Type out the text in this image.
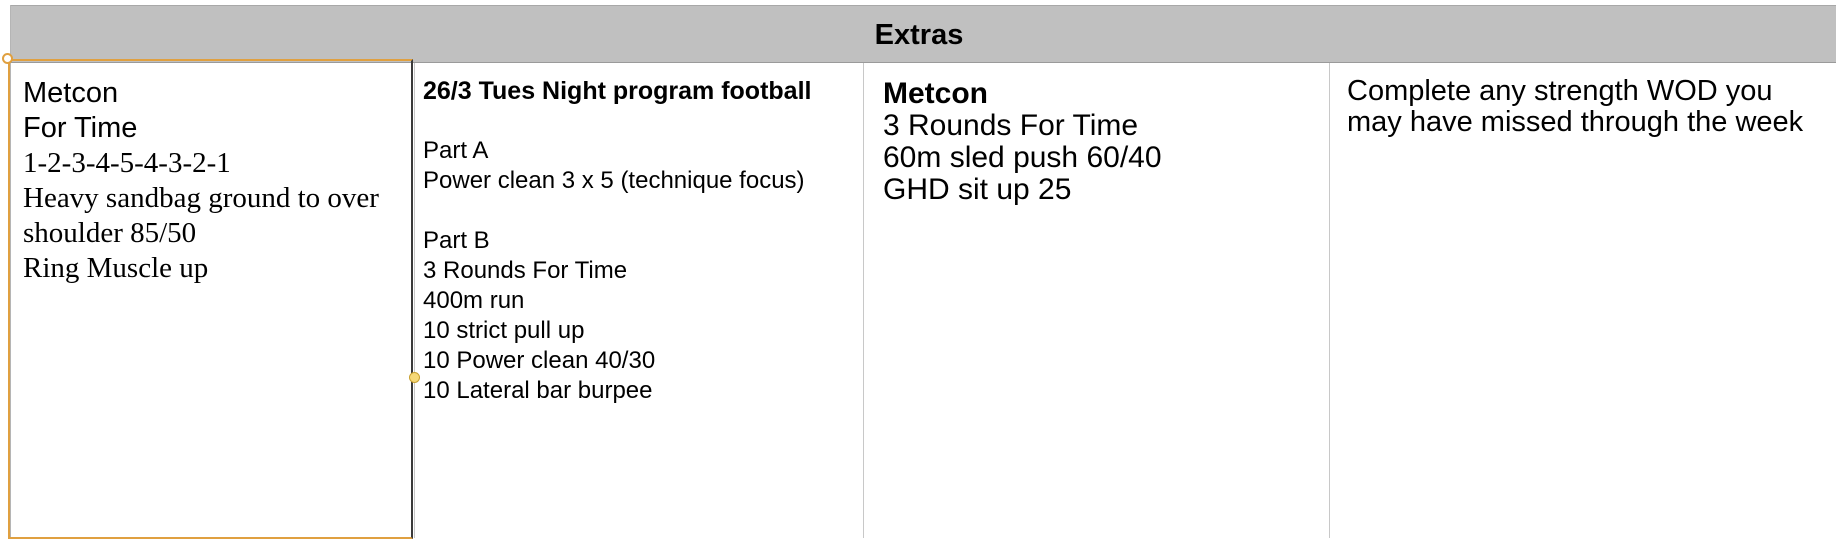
Extras
Metcon
For Time
1-2-3-4-5-4-3-2-1
Heavy sandbag ground to over shoulder 85/50
Ring Muscle up
26/3 Tues Night program football
Part A
Power clean 3 x 5 (technique focus)
Part B
3 Rounds For Time
400m run
10 strict pull up
10 Power clean 40/30
10 Lateral bar burpee
Metcon
3 Rounds For Time
60m sled push 60/40
GHD sit up 25
Complete any strength WOD you may have missed through the week
